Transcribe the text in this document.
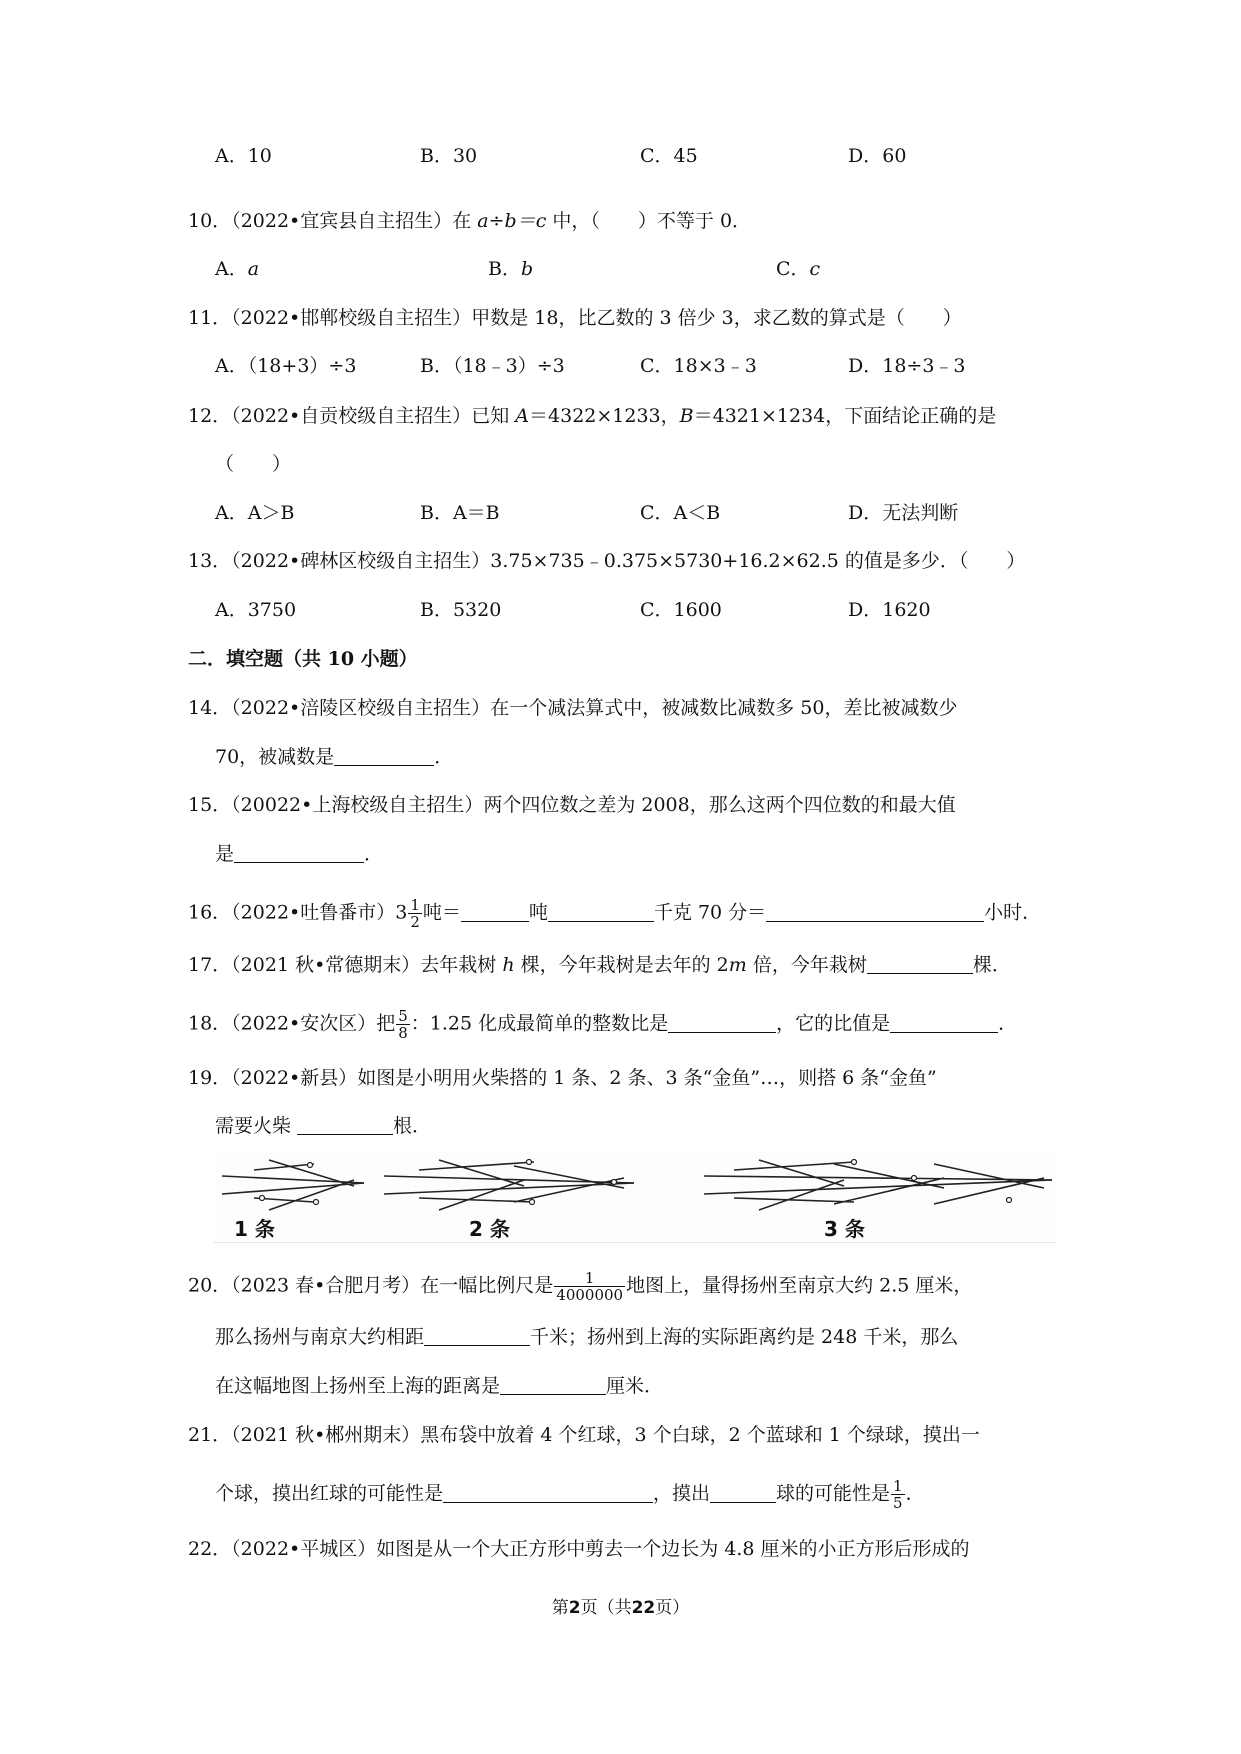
A．10	B．30	C．45	D．60
10．（2022•宜宾县自主招生）在 a÷b＝c 中，（　　）不等于 0．
A．a	B．b	C．c
11．（2022•邯郸校级自主招生）甲数是 18，比乙数的 3 倍少 3，求乙数的算式是（　　）
A．（18+3）÷3	B．（18﹣3）÷3	C．18×3﹣3	D．18÷3﹣3
12．（2022•自贡校级自主招生）已知 A＝4322×1233，B＝4321×1234，下面结论正确的是
（　　）
A．A＞B	B．A＝B	C．A＜B	D．无法判断
13．（2022•碑林区校级自主招生）3.75×735﹣0.375×5730+16.2×62.5 的值是多少．（　　）
A．3750	B．5320	C．1600	D．1620
二．填空题（共 10 小题）
14．（2022•涪陵区校级自主招生）在一个减法算式中，被减数比减数多 50，差比被减数少
70，被减数是	．
15．（20022•上海校级自主招生）两个四位数之差为 2008，那么这两个四位数的和最大值
是	．
16．（2022•吐鲁番市）$3 \frac{1}{2}$ 吨＝	吨	千克 70 分＝	小时．
17．（2021 秋•常德期末）去年栽树 h 棵，今年栽树是去年的 2m 倍，今年栽树	棵．
18．（2022•安次区）把 $\frac{5}{8}$ ：1.25 化成最简单的整数比是	，它的比值是	．
19．（2022•新县）如图是小明用火柴搭的 1 条、2 条、3 条“金鱼”…，则搭 6 条“金鱼”
需要火柴	根．
1 条	2 条	3 条
20．（2023 春•合肥月考）在一幅比例尺是 $\frac{1}{4000000}$ 地图上，量得扬州至南京大约 2.5 厘米，
那么扬州与南京大约相距	千米；扬州到上海的实际距离约是 248 千米，那么
在这幅地图上扬州至上海的距离是	厘米．
21．（2021 秋•郴州期末）黑布袋中放着 4 个红球，3 个白球，2 个蓝球和 1 个绿球，摸出一
个球，摸出红球的可能性是	，摸出	球的可能性是 $\frac{1}{5}$ ．
22．（2022•平城区）如图是从一个大正方形中剪去一个边长为 4.8 厘米的小正方形后形成的
第2页（共22页）
